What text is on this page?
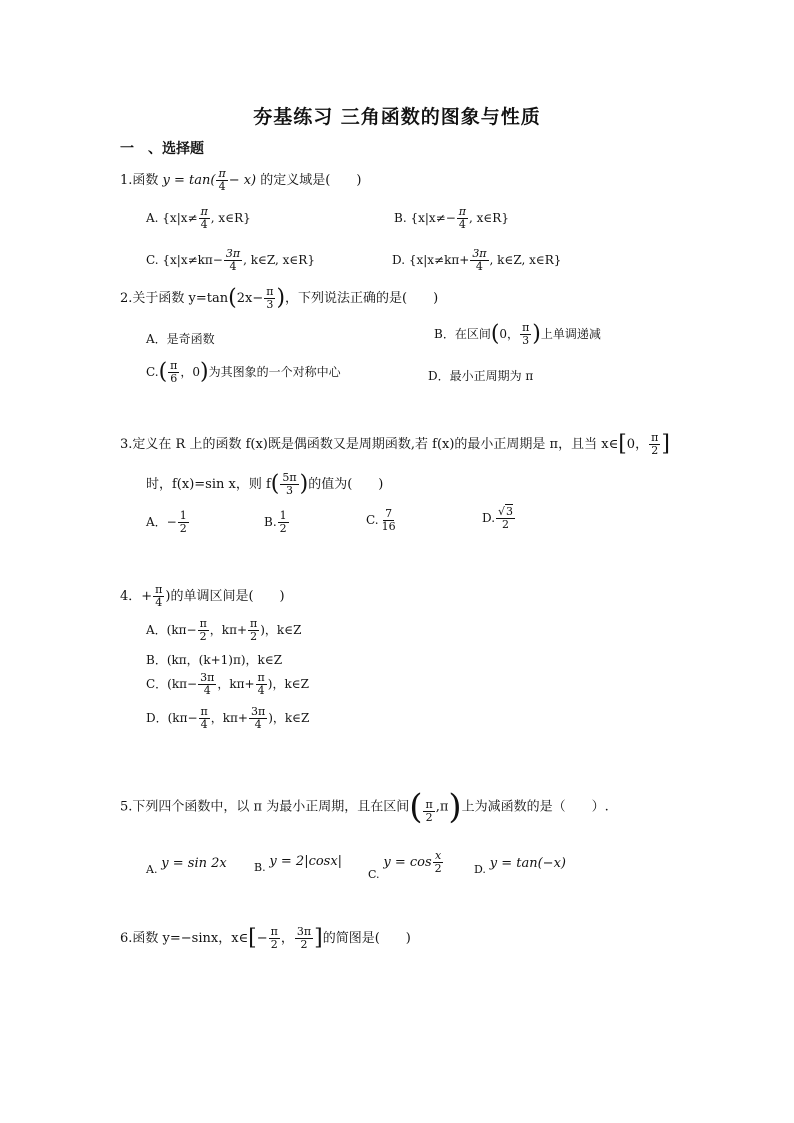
夯基练习 三角函数的图象与性质
一　、选择题
1.函数 $y = \tan( \frac{\pi}{4} - x)$ 的定义域是(　　)
A. {$x|x\ne \frac{\pi}{4}$ , x∈R}	B. {$x|x\ne- \frac{\pi}{4}$ , x∈R}
C. {$x|x\ne k\pi- \frac{3\pi}{4}$ , k∈Z, x∈R}	D. {$x|x\ne k\pi+ \frac{3\pi}{4}$ , k∈Z, x∈R}
2.关于函数 $y=\tan(2x- \frac{\pi}{3}$ )，下列说法正确的是(　　)
A．是奇函数	B．在区间(0， $\frac{\pi}{3}$ )上单调递减
$C.( \frac{\pi}{6}$ ，0)为其图象的一个对称中心	D．最小正周期为 π
3.定义在 R 上的函数 f(x)既是偶函数又是周期函数,若 f(x)的最小正周期是 π，且当 x∈[0， $\frac{\pi}{2}$ ]
时，f(x)=sin x，则 $f( \frac{5\pi}{3}$ )的值为(　　)
A．− $\frac{1}{2}$	B. $\frac{1}{2}$	C. $\frac{7}{16}$	D. $\frac{√3}{2}$
4．+ $\frac{\pi}{4}$ )的单调区间是(　　)
A．($k\pi- \frac{\pi}{2}$ ，$k\pi+ \frac{\pi}{2}$ )，k∈Z
B．(kπ，(k+1)π)，k∈Z
C．($k\pi- \frac{3\pi}{4}$ ，$k\pi+ \frac{\pi}{4}$ )，k∈Z
D．($k\pi- \frac{\pi}{4}$ ，$k\pi+ \frac{3\pi}{4}$ )，k∈Z
5.下列四个函数中，以 π 为最小正周期，且在区间( $\frac{\pi}{2} ,\pi$)上为减函数的是（　　）.
A. y = sin 2x B. y = 2|cosx|
C. $y = \cos \frac{x}{2}$	D. y = tan(−x)
6.函数 y=−sinx，x∈[− $\frac{\pi}{2}$ ， $\frac{3\pi}{2}$ ]的简图是(　　)
